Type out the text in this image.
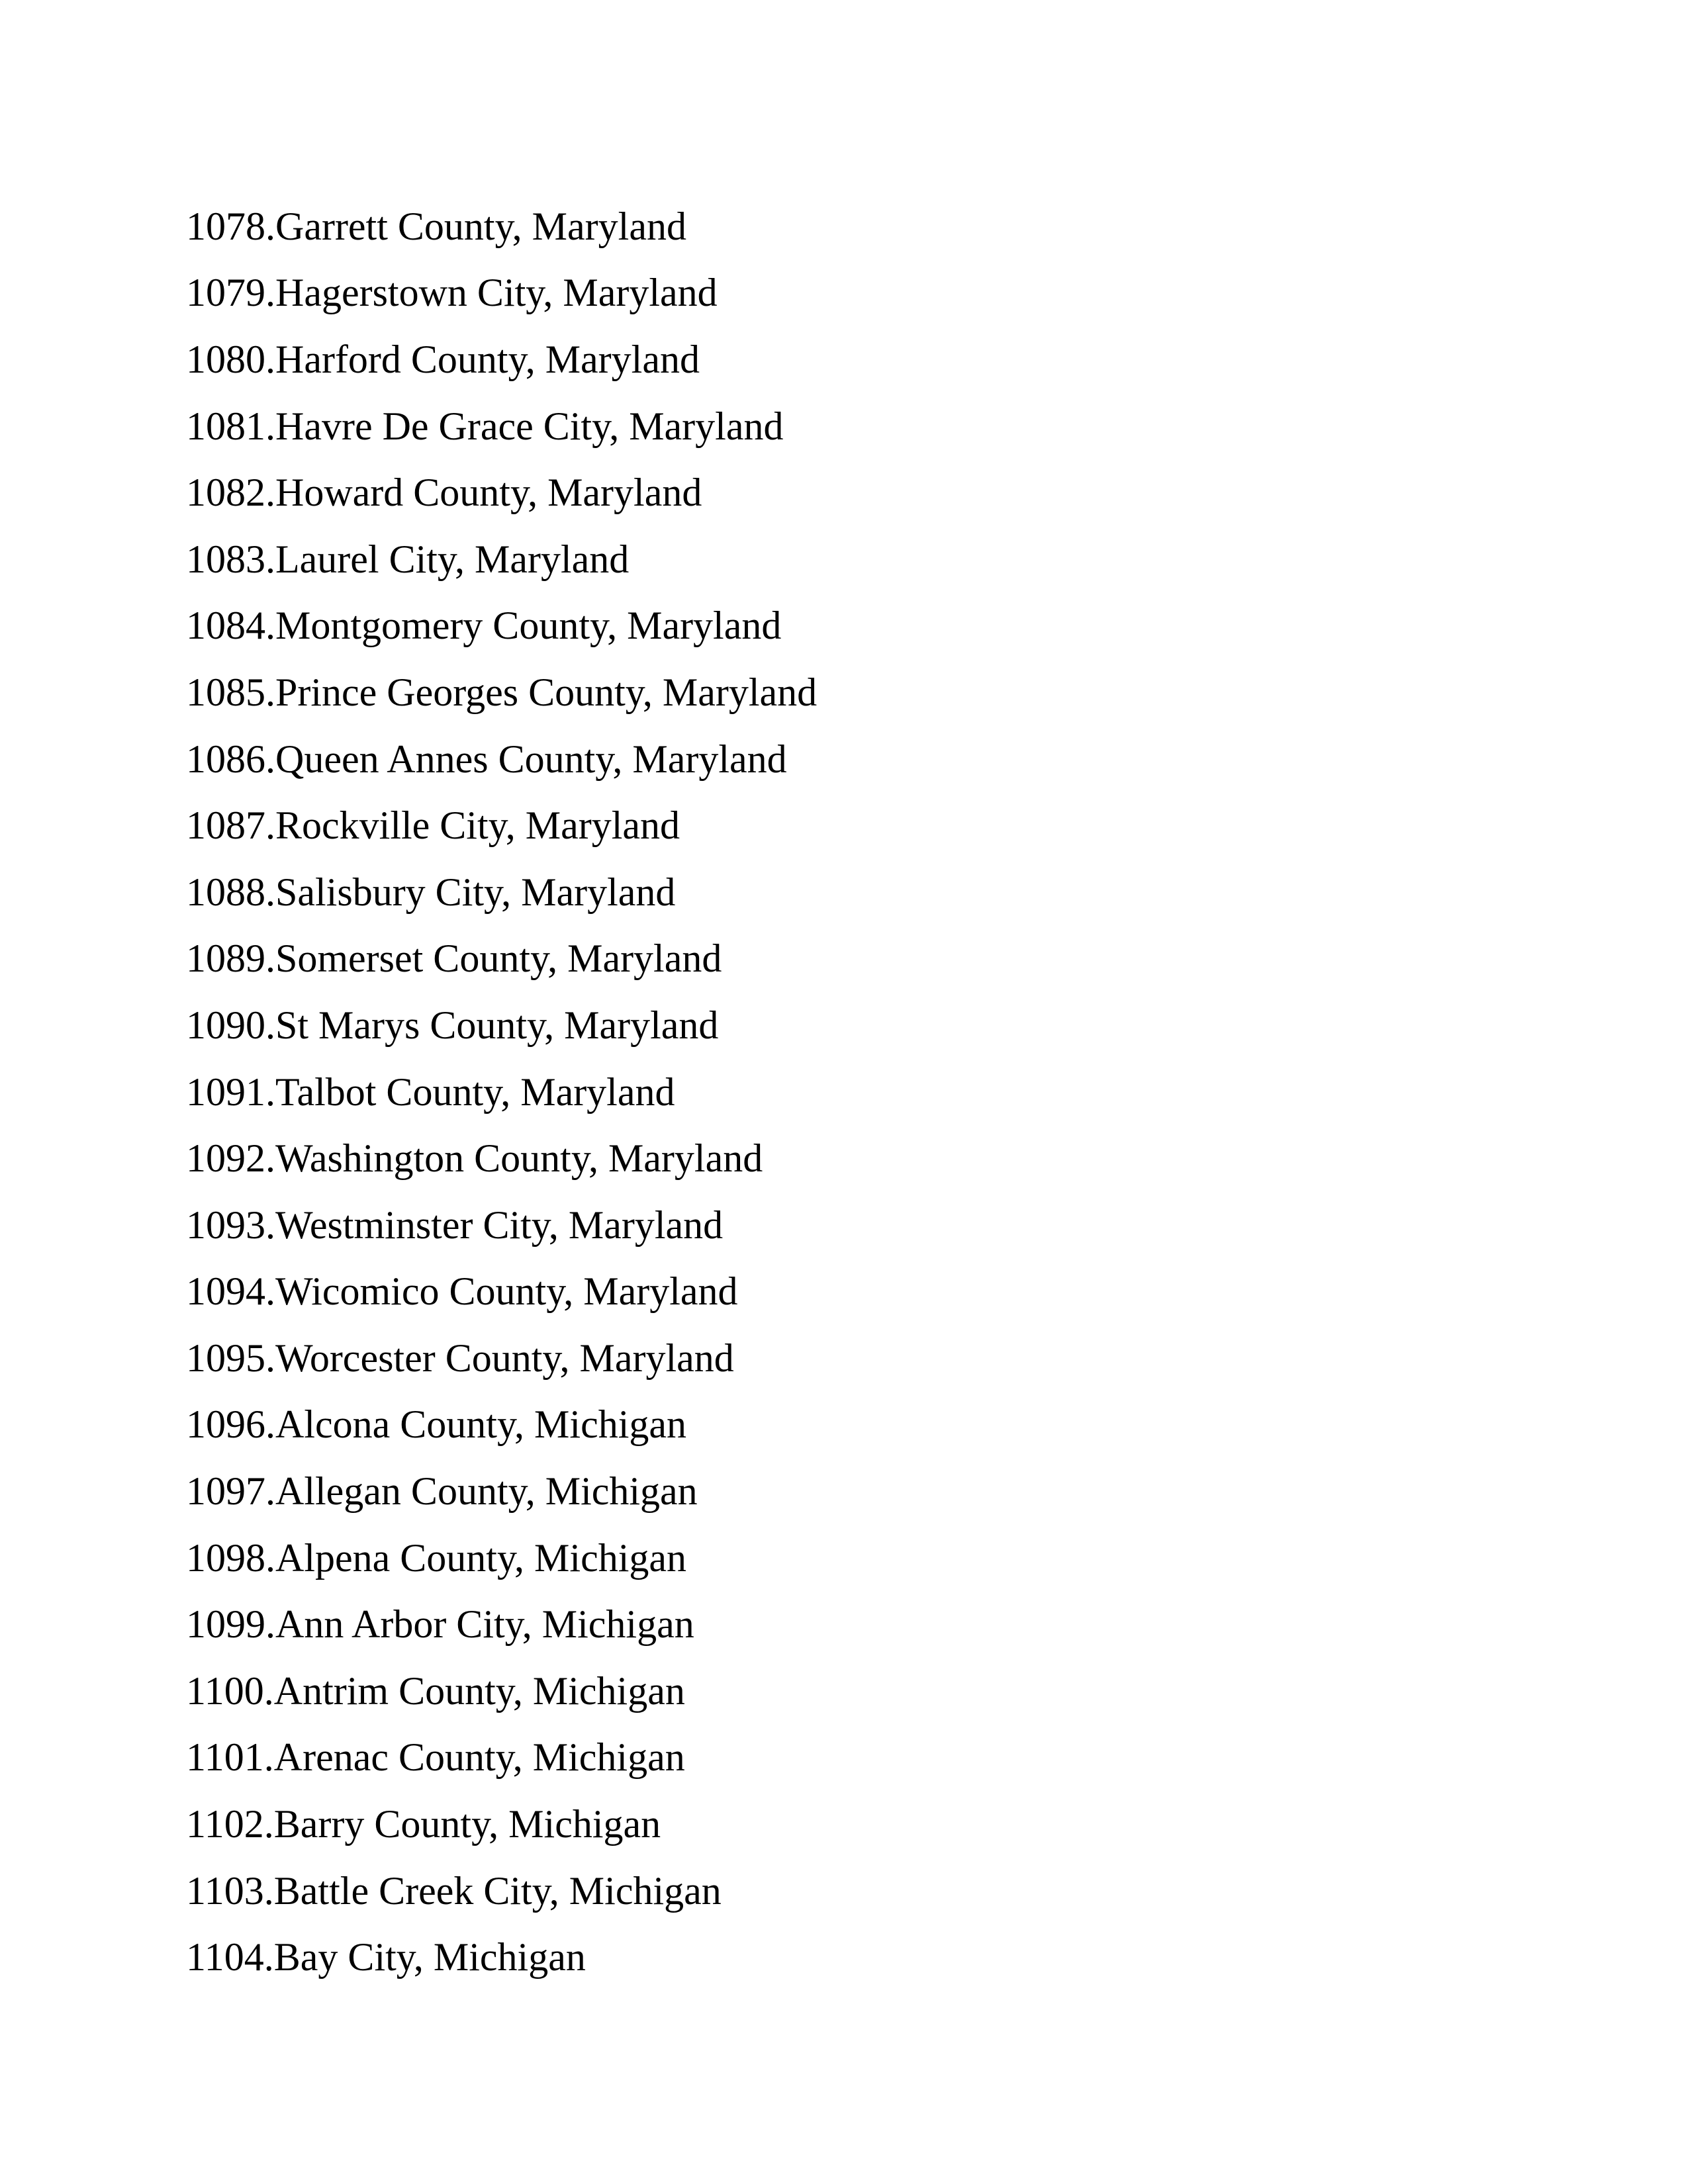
1078. Garrett County, Maryland
1079. Hagerstown City, Maryland
1080. Harford County, Maryland
1081. Havre De Grace City, Maryland
1082. Howard County, Maryland
1083. Laurel City, Maryland
1084. Montgomery County, Maryland
1085. Prince Georges County, Maryland
1086. Queen Annes County, Maryland
1087. Rockville City, Maryland
1088. Salisbury City, Maryland
1089. Somerset County, Maryland
1090. St Marys County, Maryland
1091. Talbot County, Maryland
1092. Washington County, Maryland
1093. Westminster City, Maryland
1094. Wicomico County, Maryland
1095. Worcester County, Maryland
1096. Alcona County, Michigan
1097. Allegan County, Michigan
1098. Alpena County, Michigan
1099. Ann Arbor City, Michigan
1100. Antrim County, Michigan
1101. Arenac County, Michigan
1102. Barry County, Michigan
1103. Battle Creek City, Michigan
1104. Bay City, Michigan
